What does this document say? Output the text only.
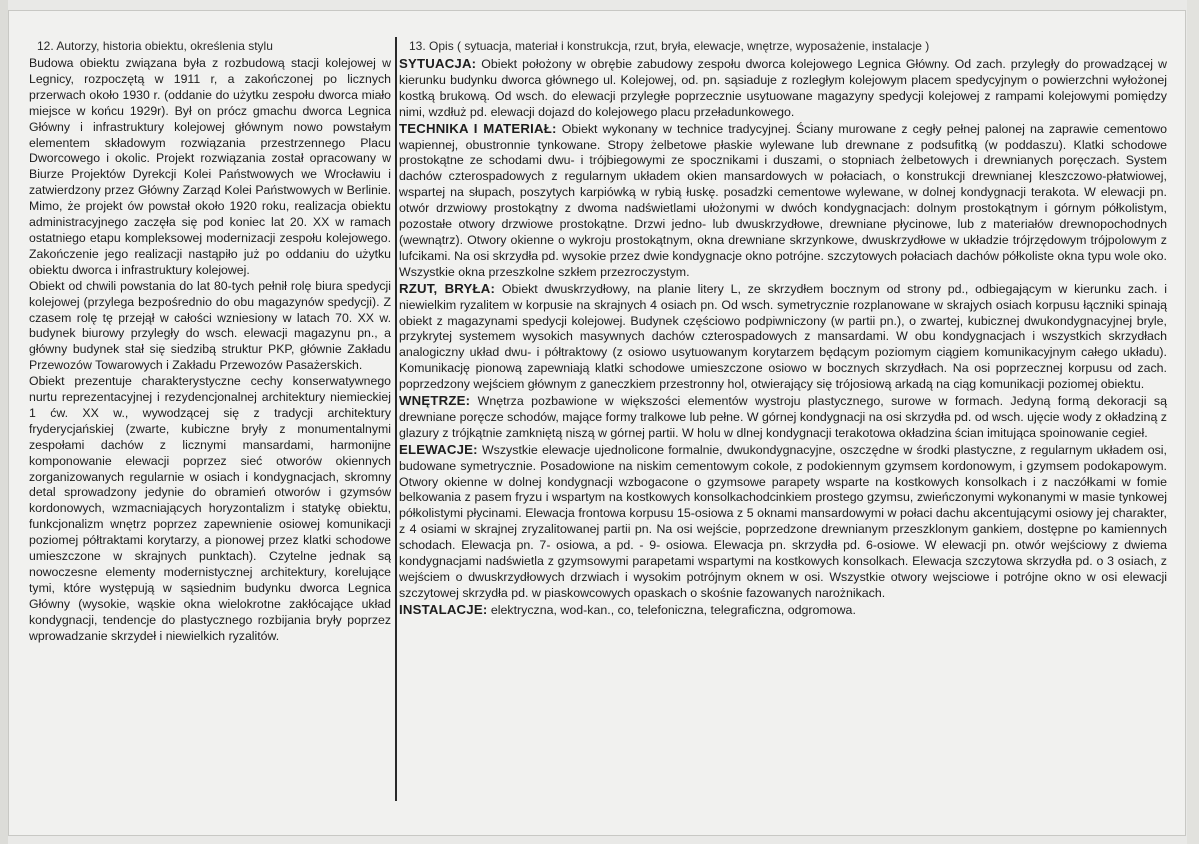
12. Autorzy, historia obiektu, określenia stylu

Budowa obiektu związana była z rozbudową stacji kolejowej w Legnicy, rozpoczętą w 1911 r, a zakończonej po licznych przerwach około 1930 r. (oddanie do użytku zespołu dworca miało miejsce w końcu 1929r). Był on prócz gmachu dworca Legnica Główny i infrastruktury kolejowej głównym nowo powstałym elementem składowym rozwiązania przestrzennego Placu Dworcowego i okolic. Projekt rozwiązania został opracowany w Biurze Projektów Dyrekcji Kolei Państwowych we Wrocławiu i zatwierdzony przez Główny Zarząd Kolei Państwowych w Berlinie. Mimo, że projekt ów powstał około 1920 roku, realizacja obiektu administracyjnego zaczęła się pod koniec lat 20. XX w ramach ostatniego etapu kompleksowej modernizacji zespołu kolejowego. Zakończenie jego realizacji nastąpiło już po oddaniu do użytku obiektu dworca i infrastruktury kolejowej.

Obiekt od chwili powstania do lat 80-tych pełnił rolę biura spedycji kolejowej (przylega bezpośrednio do obu magazynów spedycji). Z czasem rolę tę przejął w całości wzniesiony w latach 70. XX w. budynek biurowy przyległy do wsch. elewacji magazynu pn., a główny budynek stał się siedzibą struktur PKP, głównie Zakładu Przewozów Towarowych i Zakładu Przewozów Pasażerskich.

Obiekt prezentuje charakterystyczne cechy konserwatywnego nurtu reprezentacyjnej i rezydencjonalnej architektury niemieckiej 1 ćw. XX w., wywodzącej się z tradycji architektury fryderycjańskiej (zwarte, kubiczne bryły z monumentalnymi zespołami dachów z licznymi mansardami, harmonijne komponowanie elewacji poprzez sieć otworów okiennych zorganizowanych regularnie w osiach i kondygnacjach, skromny detal sprowadzony jedynie do obramień otworów i gzymsów kordonowych, wzmacniających horyzontalizm i statykę obiektu, funkcjonalizm wnętrz poprzez zapewnienie osiowej komunikacji poziomej półtraktami korytarzy, a pionowej przez klatki schodowe umieszczone w skrajnych punktach). Czytelne jednak są nowoczesne elementy modernistycznej architektury, korelujące tymi, które występują w sąsiednim budynku dworca Legnica Główny (wysokie, wąskie okna wielokrotne zakłócające układ kondygnacji, tendencje do plastycznego rozbijania bryły poprzez wprowadzanie skrzydeł i niewielkich ryzalitów.

13. Opis ( sytuacja, materiał i konstrukcja, rzut, bryła, elewacje, wnętrze, wyposażenie, instalacje )

SYTUACJA: Obiekt położony w obrębie zabudowy zespołu dworca kolejowego Legnica Główny. Od zach. przyległy do prowadzącej w kierunku budynku dworca głównego ul. Kolejowej, od. pn. sąsiaduje z rozległym kolejowym placem spedycyjnym o powierzchni wyłożonej kostką brukową. Od wsch. do elewacji przyległe poprzecznie usytuowane magazyny spedycji kolejowej z rampami kolejowymi pomiędzy nimi, wzdłuż pd. elewacji dojazd do kolejowego placu przeładunkowego.

TECHNIKA I MATERIAŁ: Obiekt wykonany w technice tradycyjnej. Ściany murowane z cegły pełnej palonej na zaprawie cementowo wapiennej, obustronnie tynkowane. Stropy żelbetowe płaskie wylewane lub drewnane z podsufitką (w poddaszu). Klatki schodowe prostokątne ze schodami dwu- i trójbiegowymi ze spocznikami i duszami, o stopniach żelbetowych i drewnianych poręczach. System dachów czterospadowych z regularnym układem okien mansardowych w połaciach, o konstrukcji drewnianej kleszczowo-płatwiowej, wspartej na słupach, poszytych karpiówką w rybią łuskę. posadzki cementowe wylewane, w dolnej kondygnacji terakota. W elewacji pn. otwór drzwiowy prostokątny z dwoma nadświetlami ułożonymi w dwóch kondygnacjach: dolnym prostokątnym i górnym półkolistym, pozostałe otwory drzwiowe prostokątne. Drzwi jedno- lub dwuskrzydłowe, drewniane płycinowe, lub z materiałów drewnopochodnych (wewnątrz). Otwory okienne o wykroju prostokątnym, okna drewniane skrzynkowe, dwuskrzydłowe w układzie trójrzędowym trójpolowym z lufcikami. Na osi skrzydła pd. wysokie przez dwie kondygnacje okno potrójne. szczytowych połaciach dachów półkoliste okna typu wole oko. Wszystkie okna przeszkolne szkłem przezroczystym.

RZUT, BRYŁA: Obiekt dwuskrzydłowy, na planie litery L, ze skrzydłem bocznym od strony pd., odbiegającym w kierunku zach. i niewielkim ryzalitem w korpusie na skrajnych 4 osiach pn. Od wsch. symetrycznie rozplanowane w skrajych osiach korpusu łączniki spinają obiekt z magazynami spedycji kolejowej. Budynek częściowo podpiwniczony (w partii pn.), o zwartej, kubicznej dwukondygnacyjnej bryle, przykrytej systemem wysokich masywnych dachów czterospadowych z mansardami. W obu kondygnacjach i wszystkich skrzydłach analogiczny układ dwu- i półtraktowy (z osiowo usytuowanym korytarzem będącym poziomym ciągiem komunikacyjnym całego układu). Komunikację pionową zapewniają klatki schodowe umieszczone osiowo w bocznych skrzydłach. Na osi poprzecznej korpusu od zach. poprzedzony wejściem głównym z ganeczkiem przestronny hol, otwierający się trójosiową arkadą na ciąg komunikacji poziomej obiektu.

WNĘTRZE: Wnętrza pozbawione w większości elementów wystroju plastycznego, surowe w formach. Jedyną formą dekoracji są drewniane poręcze schodów, mające formy tralkowe lub pełne. W górnej kondygnacji na osi skrzydła pd. od wsch. ujęcie wody z okładziną z glazury z trójkątnie zamkniętą niszą w górnej partii. W holu w dlnej kondygnacji terakotowa okładzina ścian imitująca spoinowanie cegieł.

ELEWACJE: Wszystkie elewacje ujednolicone formalnie, dwukondygnacyjne, oszczędne w środki plastyczne, z regularnym układem osi, budowane symetrycznie. Posadowione na niskim cementowym cokole, z podokiennym gzymsem kordonowym, i gzymsem podokapowym. Otwory okienne w dolnej kondygnacji wzbogacone o gzymsowe parapety wsparte na kostkowych konsolkach i z naczółkami w fomie belkowania z pasem fryzu i wspartym na kostkowych konsolkachodcinkiem prostego gzymsu, zwieńczonymi wykonanymi w masie tynkowej półkolistymi płycinami. Elewacja frontowa korpusu 15-osiowa z 5 oknami mansardowymi w połaci dachu akcentującymi osiowy jej charakter, z 4 osiami w skrajnej zryzalitowanej partii pn. Na osi wejście, poprzedzone drewnianym przeszklonym gankiem, dostępne po kamiennych schodach. Elewacja pn. 7- osiowa, a pd. - 9- osiowa. Elewacja pn. skrzydła pd. 6-osiowe. W elewacji pn. otwór wejściowy z dwiema kondygnacjami nadświetla z gzymsowymi parapetami wspartymi na kostkowych konsolkach. Elewacja szczytowa skrzydła pd. o 3 osiach, z wejściem o dwuskrzydłowych drzwiach i wysokim potrójnym oknem w osi. Wszystkie otwory wejsciowe i potrójne okno w osi elewacji szczytowej skrzydła pd. w piaskowcowych opaskach o skośnie fazowanych narożnikach.

INSTALACJE: elektryczna, wod-kan., co, telefoniczna, telegraficzna, odgromowa.
